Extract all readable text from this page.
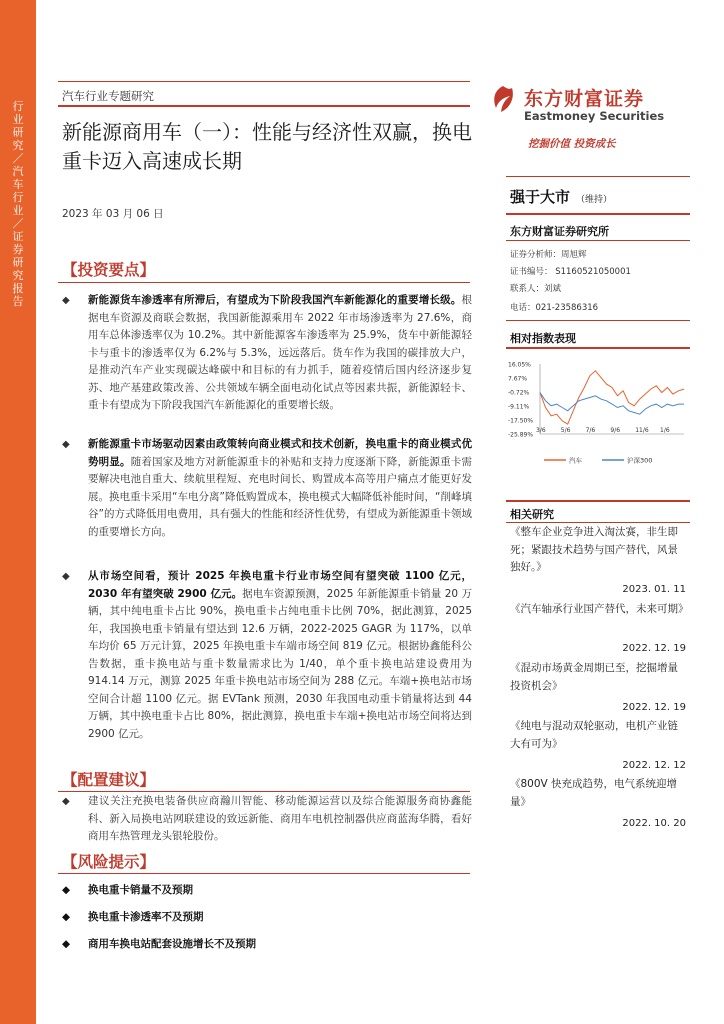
行业研究／汽车行业／证券研究报告
汽车行业专题研究
新能源商用车（一）：性能与经济性双赢，换电重卡迈入高速成长期
2023 年 03 月 06 日
【投资要点】
◆ 新能源货车渗透率有所滞后，有望成为下阶段我国汽车新能源化的重要增长级。根据电车资源及商联会数据，我国新能源乘用车 2022 年市场渗透率为 27.6%，商用车总体渗透率仅为 10.2%。其中新能源客车渗透率为 25.9%，货车中新能源轻卡与重卡的渗透率仅为 6.2%与 5.3%，远远落后。货车作为我国的碳排放大户，是推动汽车产业实现碳达峰碳中和目标的有力抓手，随着疫情后国内经济逐步复苏、地产基建政策改善、公共领域车辆全面电动化试点等因素共振，新能源轻卡、重卡有望成为下阶段我国汽车新能源化的重要增长级。
◆ 新能源重卡市场驱动因素由政策转向商业模式和技术创新，换电重卡的商业模式优势明显。随着国家及地方对新能源重卡的补贴和支持力度逐渐下降，新能源重卡需要解决电池自重大、续航里程短、充电时间长、购置成本高等用户痛点才能更好发展。换电重卡采用“车电分离”降低购置成本，换电模式大幅降低补能时间，“削峰填谷”的方式降低用电费用，具有强大的性能和经济性优势，有望成为新能源重卡领域的重要增长方向。
◆ 从市场空间看，预计 2025 年换电重卡行业市场空间有望突破 1100 亿元，2030 年有望突破 2900 亿元。据电车资源预测，2025 年新能源重卡销量 20 万辆，其中纯电重卡占比 90%，换电重卡占纯电重卡比例 70%，据此测算，2025 年，我国换电重卡销量有望达到 12.6 万辆，2022-2025 GAGR 为 117%，以单车均价 65 万元计算，2025 年换电重卡车端市场空间 819 亿元。根据协鑫能科公告数据，重卡换电站与重卡数量需求比为 1/40，单个重卡换电站建设费用为 914.14 万元，测算 2025 年重卡换电站市场空间为 288 亿元。车端+换电站市场空间合计超 1100 亿元。据 EVTank 预测，2030 年我国电动重卡销量将达到 44 万辆，其中换电重卡占比 80%，据此测算，换电重卡车端+换电站市场空间将达到 2900 亿元。
【配置建议】
◆ 建议关注充换电装备供应商瀚川智能、移动能源运营以及综合能源服务商协鑫能科、新入局换电站网联建设的致远新能、商用车电机控制器供应商蓝海华腾，看好商用车热管理龙头银轮股份。
【风险提示】
◆ 换电重卡销量不及预期
◆ 换电重卡渗透率不及预期
◆ 商用车换电站配套设施增长不及预期
东方财富证券
Eastmoney Securities
挖掘价值 投资成长
强于大市 （维持）
东方财富证券研究所
证券分析师：周旭辉
证书编号： S1160521050001
联系人：刘斌
电话：021-23586316
相对指数表现
16.05%
7.67%
-0.72%
-9.11%
-17.50%
-25.89%
3/6	5/6	7/6	9/6	11/6 1/6
汽车	沪深300
相关研究
《整车企业竞争进入淘汰赛，非生即死；紧跟技术趋势与国产替代，风景独好。》
2023. 01. 11
《汽车轴承行业国产替代，未来可期》
2022. 12. 19
《混动市场黄金周期已至，挖掘增量投资机会》
2022. 12. 19
《纯电与混动双轮驱动，电机产业链大有可为》
2022. 12. 12
《800V 快充成趋势，电气系统迎增量》
2022. 10. 20
